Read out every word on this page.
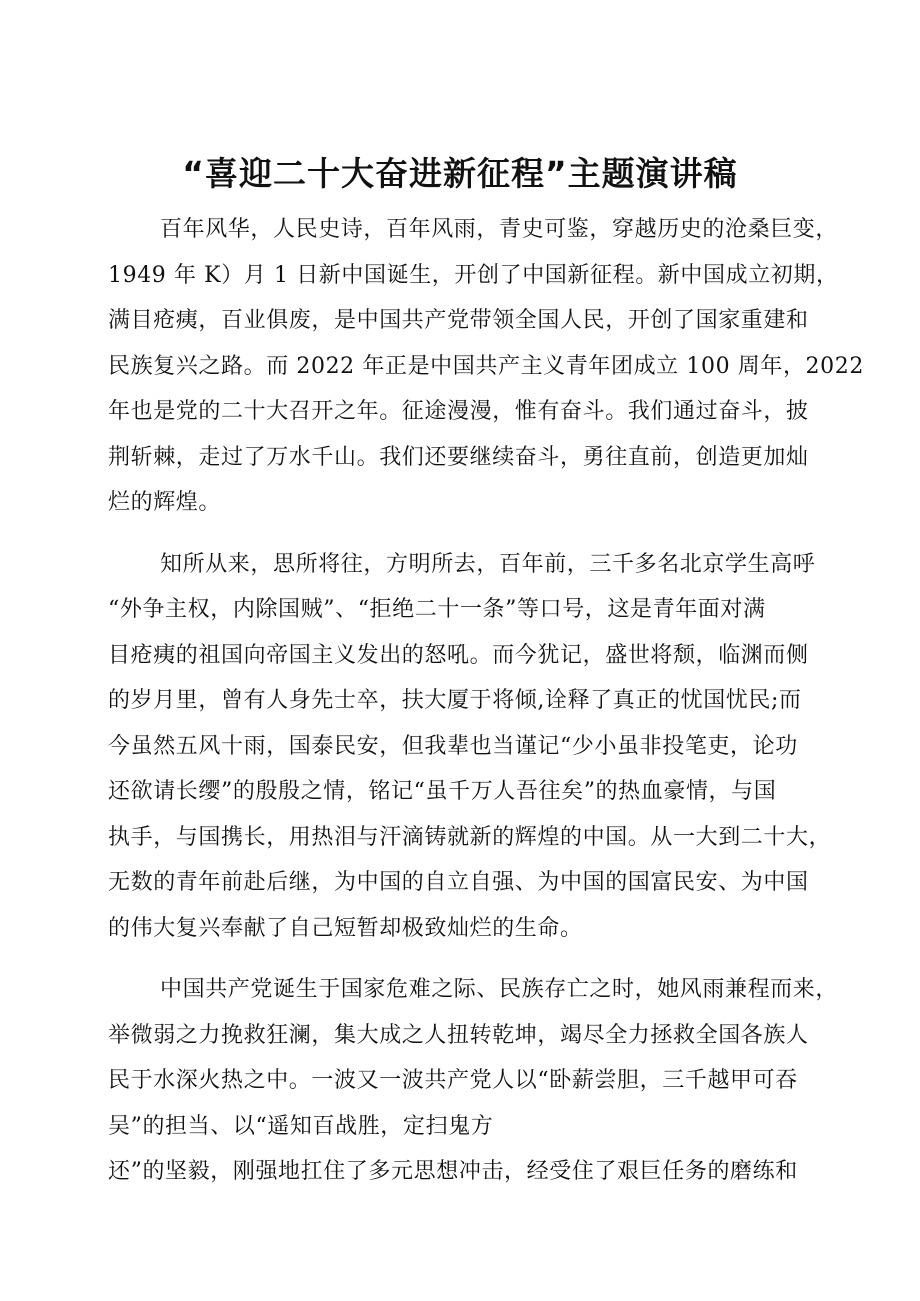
“喜迎二十大奋进新征程”主题演讲稿
百年风华，人民史诗，百年风雨，青史可鉴，穿越历史的沧桑巨变，
1949 年 K）月 1 日新中国诞生，开创了中国新征程。新中国成立初期，
满目疮痍，百业俱废，是中国共产党带领全国人民，开创了国家重建和
民族复兴之路。而 2022 年正是中国共产主义青年团成立 100 周年，2022
年也是党的二十大召开之年。征途漫漫，惟有奋斗。我们通过奋斗，披
荆斩棘，走过了万水千山。我们还要继续奋斗，勇往直前，创造更加灿
烂的辉煌。
知所从来，思所将往，方明所去，百年前，三千多名北京学生高呼
“外争主权，内除国贼”、“拒绝二十一条”等口号，这是青年面对满
目疮痍的祖国向帝国主义发出的怒吼。而今犹记，盛世将颓，临渊而侧
的岁月里，曾有人身先士卒，扶大厦于将倾,诠释了真正的忧国忧民;而
今虽然五风十雨，国泰民安，但我辈也当谨记“少小虽非投笔吏，论功
还欲请长缨”的殷殷之情，铭记“虽千万人吾往矣”的热血豪情，与国
执手，与国携长，用热泪与汗滴铸就新的辉煌的中国。从一大到二十大，
无数的青年前赴后继，为中国的自立自强、为中国的国富民安、为中国
的伟大复兴奉献了自己短暂却极致灿烂的生命。
中国共产党诞生于国家危难之际、民族存亡之时，她风雨兼程而来，
举微弱之力挽救狂澜，集大成之人扭转乾坤，竭尽全力拯救全国各族人
民于水深火热之中。一波又一波共产党人以“卧薪尝胆，三千越甲可吞
吴”的担当、以“遥知百战胜，定扫鬼方
还”的坚毅，刚强地扛住了多元思想冲击，经受住了艰巨任务的磨练和
